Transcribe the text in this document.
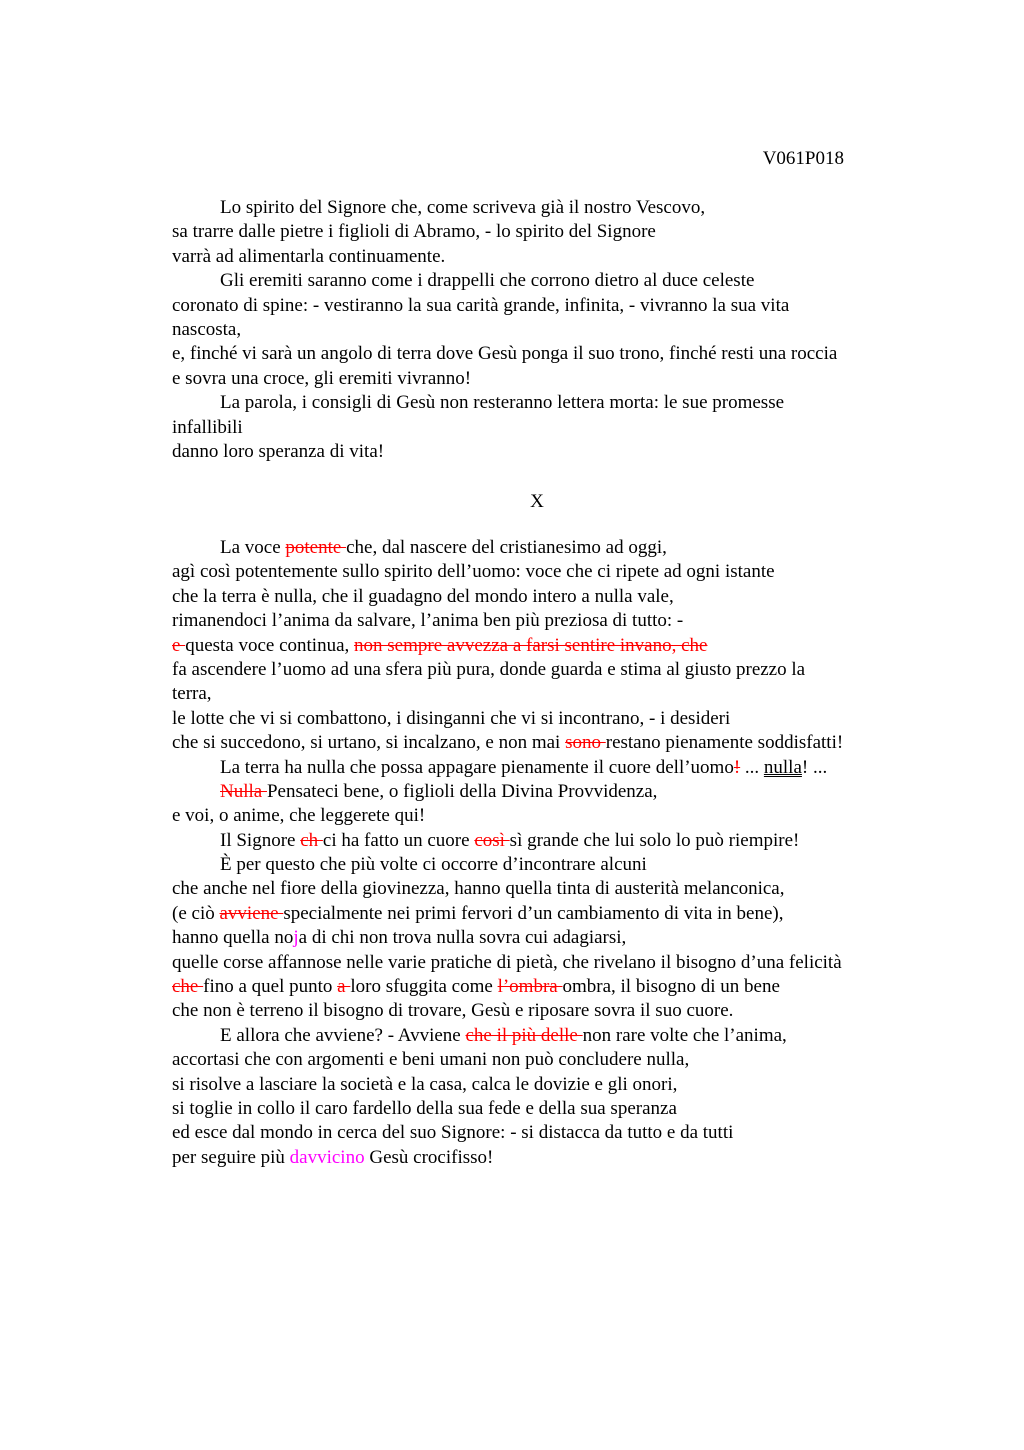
V061P018
Lo spirito del Signore che, come scriveva già il nostro Vescovo,
sa trarre dalle pietre i figlioli di Abramo, - lo spirito del Signore
varrà ad alimentarla continuamente.
Gli eremiti saranno come i drappelli che corrono dietro al duce celeste
coronato di spine: - vestiranno la sua carità grande, infinita, - vivranno la sua vita
nascosta,
e, finché vi sarà un angolo di terra dove Gesù ponga il suo trono, finché resti una roccia
e sovra una croce, gli eremiti vivranno!
La parola, i consigli di Gesù non resteranno lettera morta: le sue promesse
infallibili
danno loro speranza di vita!
X
La voce potente che, dal nascere del cristianesimo ad oggi,
agì così potentemente sullo spirito dell’uomo: voce che ci ripete ad ogni istante
che la terra è nulla, che il guadagno del mondo intero a nulla vale,
rimanendoci l’anima da salvare, l’anima ben più preziosa di tutto: -
e questa voce continua, non sempre avvezza a farsi sentire invano, che
fa ascendere l’uomo ad una sfera più pura, donde guarda e stima al giusto prezzo la
terra,
le lotte che vi si combattono, i disinganni che vi si incontrano, - i desideri
che si succedono, si urtano, si incalzano, e non mai sono restano pienamente soddisfatti!
La terra ha nulla che possa appagare pienamente il cuore dell’uomo! ... nulla! ...
Nulla Pensateci bene, o figlioli della Divina Provvidenza,
e voi, o anime, che leggerete qui!
Il Signore ch ci ha fatto un cuore così sì grande che lui solo lo può riempire!
È per questo che più volte ci occorre d’incontrare alcuni
che anche nel fiore della giovinezza, hanno quella tinta di austerità melanconica,
(e ciò avviene specialmente nei primi fervori d’un cambiamento di vita in bene),
hanno quella noja di chi non trova nulla sovra cui adagiarsi,
quelle corse affannose nelle varie pratiche di pietà, che rivelano il bisogno d’una felicità
che fino a quel punto a loro sfuggita come l’ombra ombra, il bisogno di un bene
che non è terreno il bisogno di trovare, Gesù e riposare sovra il suo cuore.
E allora che avviene? - Avviene che il più delle non rare volte che l’anima,
accortasi che con argomenti e beni umani non può concludere nulla,
si risolve a lasciare la società e la casa, calca le dovizie e gli onori,
si toglie in collo il caro fardello della sua fede e della sua speranza
ed esce dal mondo in cerca del suo Signore: - si distacca da tutto e da tutti
per seguire più davvicino Gesù crocifisso!
